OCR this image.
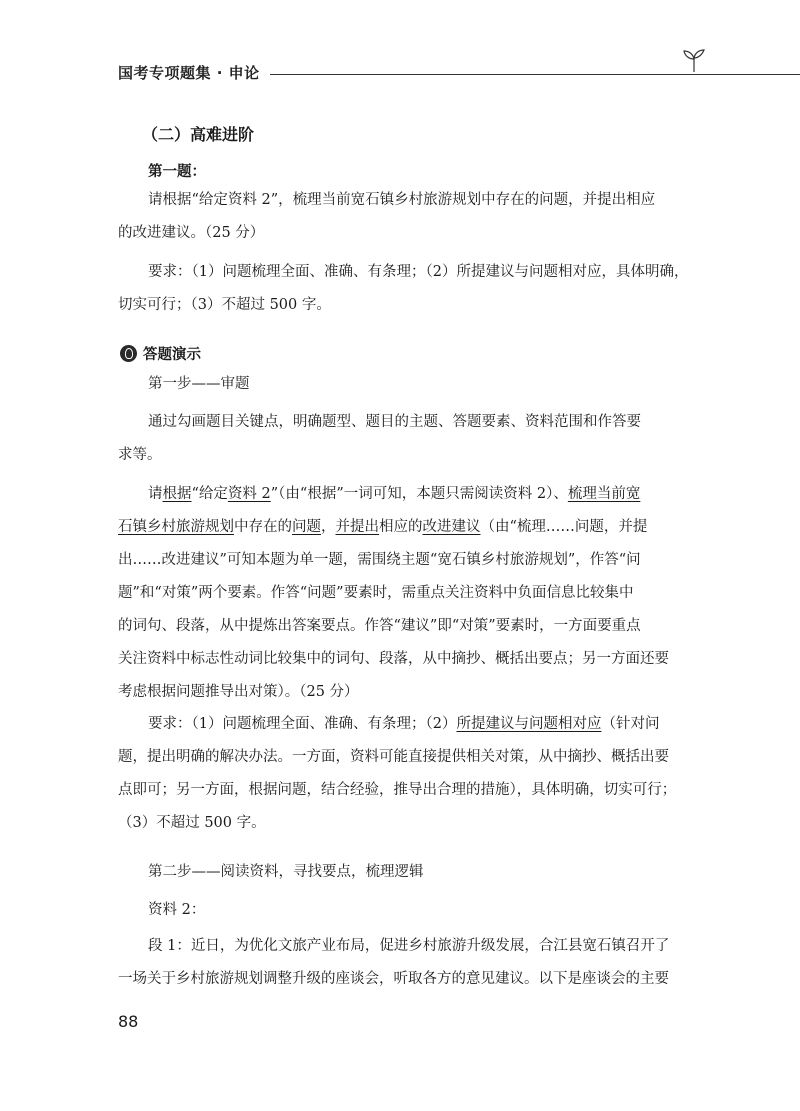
国考专项题集 · 申论
（二）高难进阶
第一题：

请根据“给定资料 2”，梳理当前宽石镇乡村旅游规划中存在的问题，并提出相应
的改进建议。（25 分）

要求：（1）问题梳理全面、准确、有条理；（2）所提建议与问题相对应，具体明确，
切实可行；（3）不超过 500 字。

答题演示

第一步——审题

通过勾画题目关键点，明确题型、题目的主题、答题要素、资料范围和作答要
求等。

请根据“给定资料 2”（由“根据”一词可知，本题只需阅读资料 2）、梳理当前宽
石镇乡村旅游规划中存在的问题，并提出相应的改进建议（由“梳理……问题，并提
出……改进建议”可知本题为单一题，需围绕主题“宽石镇乡村旅游规划”，作答“问
题”和“对策”两个要素。作答“问题”要素时，需重点关注资料中负面信息比较集中
的词句、段落，从中提炼出答案要点。作答“建议”即“对策”要素时，一方面要重点
关注资料中标志性动词比较集中的词句、段落，从中摘抄、概括出要点；另一方面还要
考虑根据问题推导出对策）。（25 分）

要求：（1）问题梳理全面、准确、有条理；（2）所提建议与问题相对应（针对问
题，提出明确的解决办法。一方面，资料可能直接提供相关对策，从中摘抄、概括出要
点即可；另一方面，根据问题，结合经验，推导出合理的措施），具体明确，切实可行；
（3）不超过 500 字。

第二步——阅读资料，寻找要点，梳理逻辑

资料 2：

段 1：近日，为优化文旅产业布局，促进乡村旅游升级发展，合江县宽石镇召开了
一场关于乡村旅游规划调整升级的座谈会，听取各方的意见建议。以下是座谈会的主要

88
